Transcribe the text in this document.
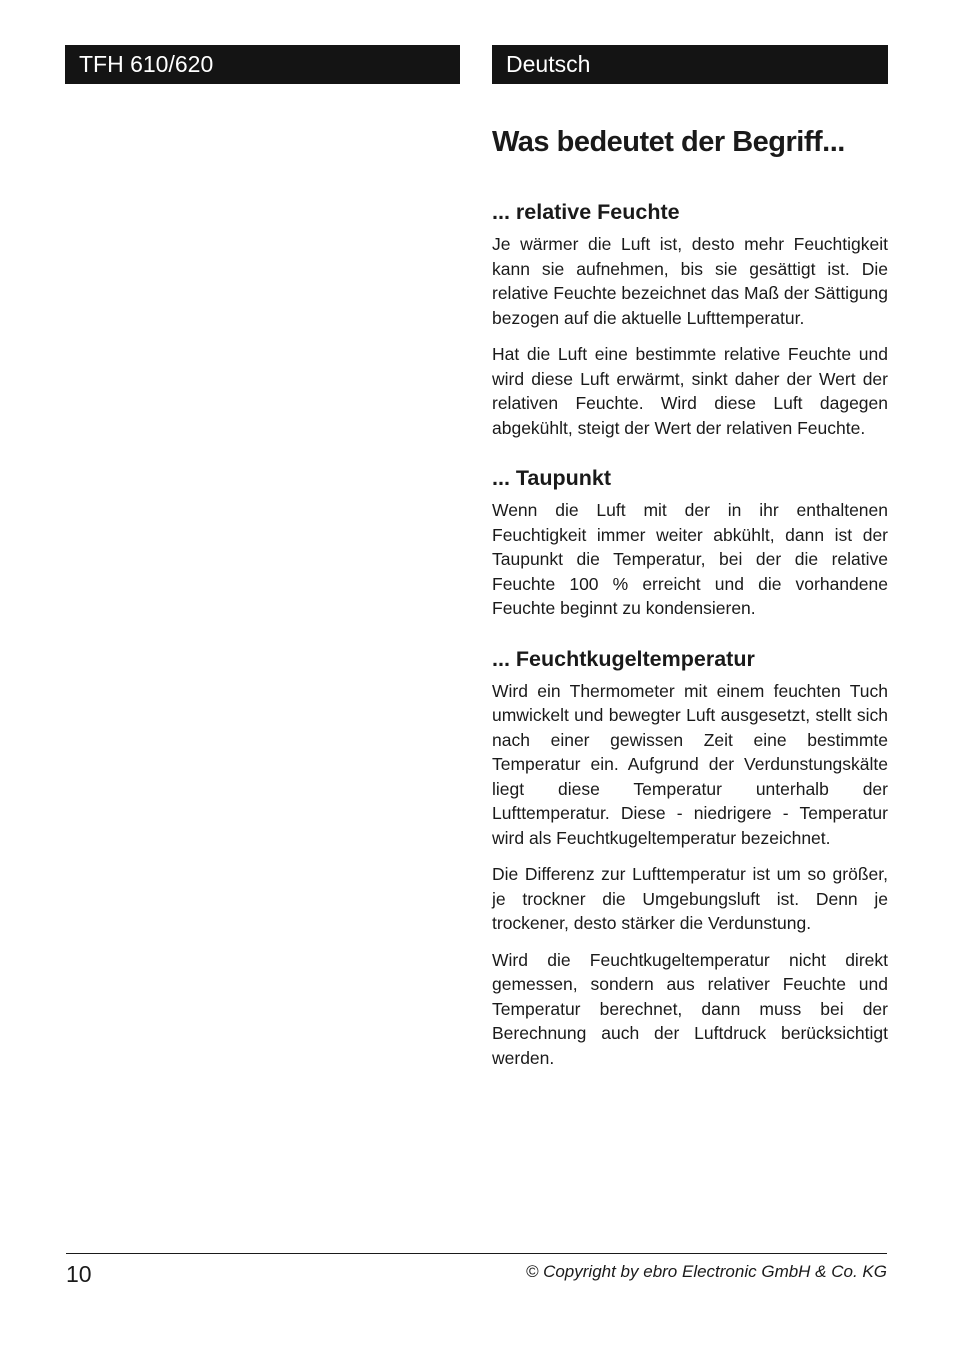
TFH 610/620	Deutsch
Was bedeutet der Begriff...
... relative Feuchte

Je wärmer die Luft ist, desto mehr Feuchtigkeit kann sie aufnehmen, bis sie gesättigt ist. Die relative Feuchte bezeichnet das Maß der Sättigung bezogen auf die aktuelle Lufttemperatur.

Hat die Luft eine bestimmte relative Feuchte und wird diese Luft erwärmt, sinkt daher der Wert der relativen Feuchte. Wird diese Luft dagegen abgekühlt, steigt der Wert der relativen Feuchte.

... Taupunkt

Wenn die Luft mit der in ihr enthaltenen Feuchtigkeit immer weiter abkühlt, dann ist der Taupunkt die Temperatur, bei der die relative Feuchte 100 % erreicht und die vorhandene Feuchte beginnt zu kondensieren.

... Feuchtkugeltemperatur

Wird ein Thermometer mit einem feuchten Tuch umwickelt und bewegter Luft ausgesetzt, stellt sich nach einer gewissen Zeit eine bestimmte Temperatur ein. Aufgrund der Verdunstungskälte liegt diese Temperatur unterhalb der Lufttemperatur. Diese - niedrigere - Temperatur wird als Feuchtkugeltemperatur bezeichnet.

Die Differenz zur Lufttemperatur ist um so größer, je trockner die Umgebungsluft ist. Denn je trockener, desto stärker die Verdunstung.

Wird die Feuchtkugeltemperatur nicht direkt gemessen, sondern aus relativer Feuchte und Temperatur berechnet, dann muss bei der Berechnung auch der Luftdruck berücksichtigt werden.

10	© Copyright by ebro Electronic GmbH & Co. KG
